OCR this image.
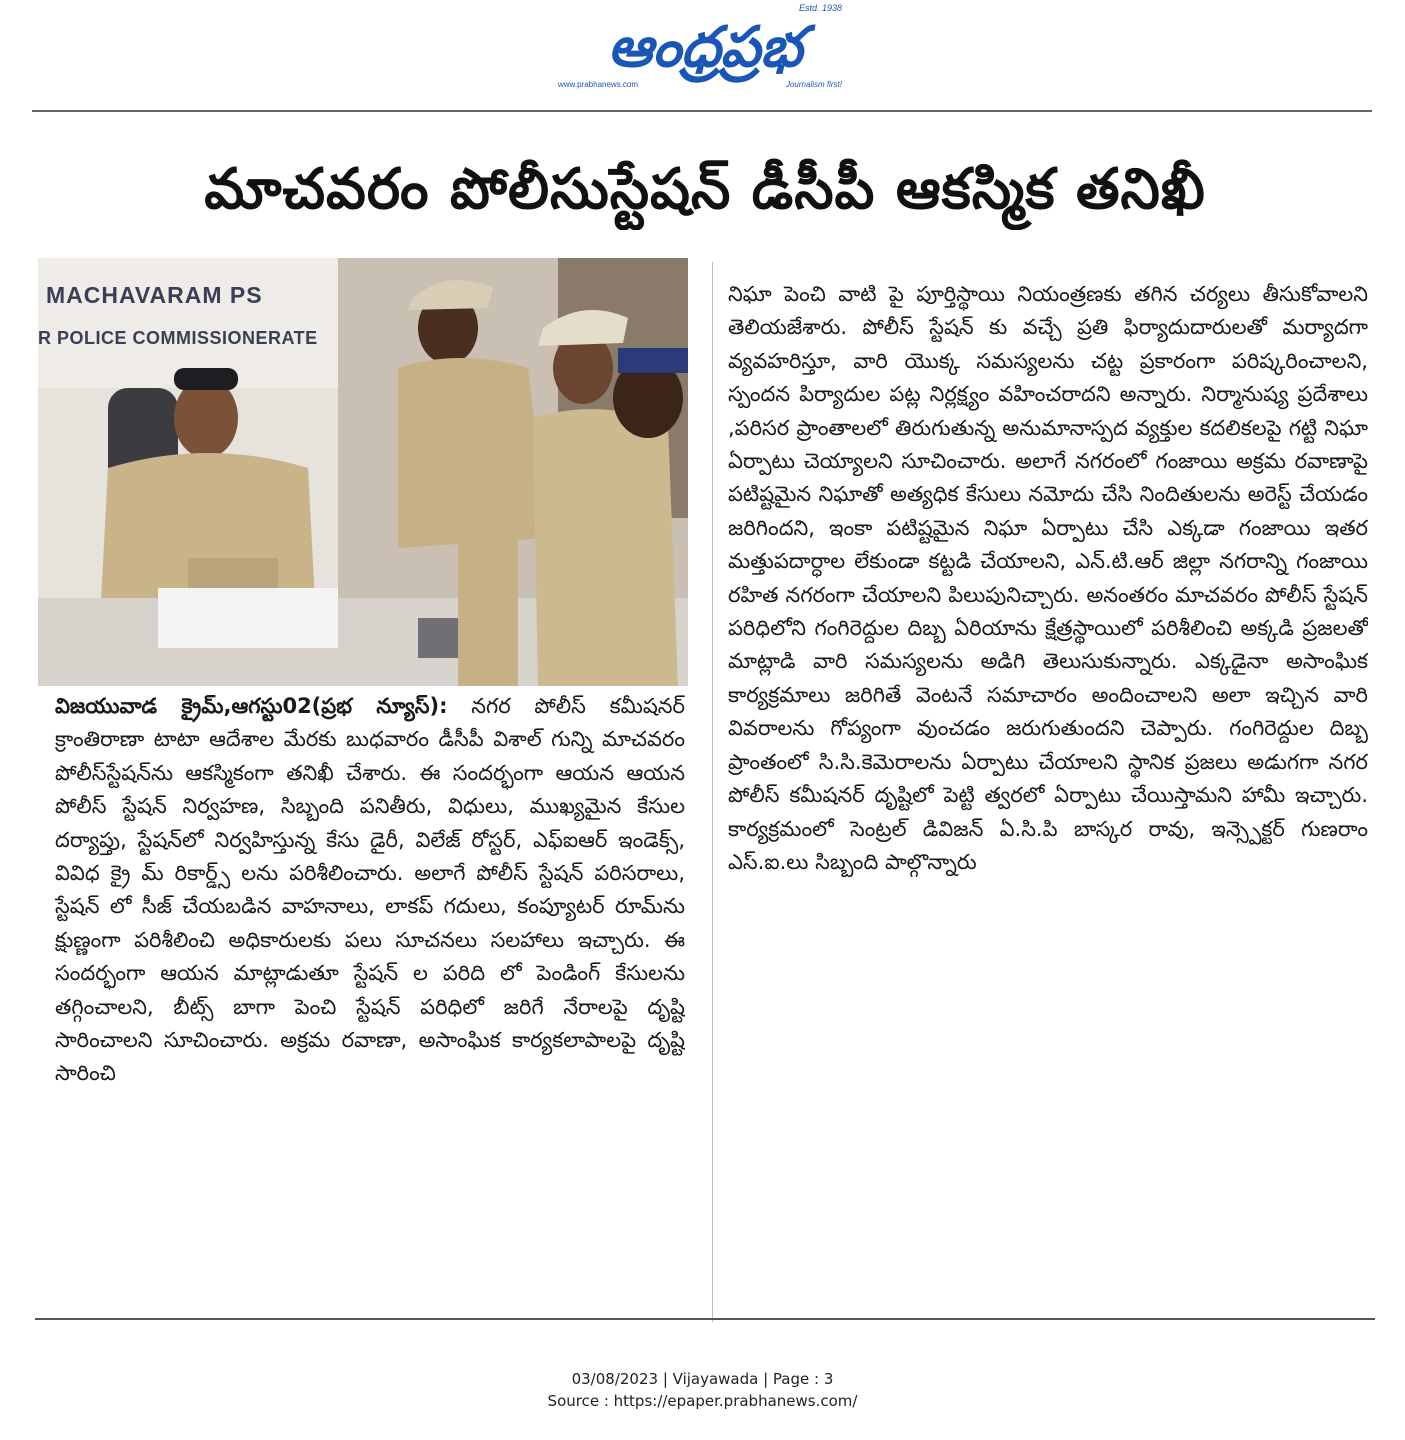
Estd. 1938
ఆంధ్రప్రభ
www.prabhanews.com	Journalism first!
మాచవరం పోలీసుస్టేషన్ డీసీపీ ఆకస్మిక తనిఖీ
MACHAVARAM PS
R POLICE COMMISSIONERATE

విజయువాడ క్రైమ్,ఆగస్టు02(ప్రభ న్యూస్): నగర పోలీస్ కమీషనర్ క్రాంతిరాణా టాటా ఆదేశాల మేరకు బుధవారం డీసీపీ విశాల్ గున్ని మాచవరం పోలీస్‌స్టేషన్‌ను ఆకస్మికంగా తనిఖీ చేశారు. ఈ సందర్భంగా ఆయన ఆయన పోలీస్ స్టేషన్ నిర్వహణ, సిబ్బంది పనితీరు, విధులు, ముఖ్యమైన కేసుల దర్యాప్తు, స్టేషన్‌లో నిర్వహిస్తున్న కేసు డైరీ, విలేజ్ రోస్టర్, ఎఫ్ఐఆర్ ఇండెక్స్, వివిధ క్రై మ్ రికార్డ్స్ లను పరిశీలించారు. అలాగే పోలీస్ స్టేషన్ పరిసరాలు, స్టేషన్ లో సీజ్ చేయబడిన వాహనాలు, లాకప్ గదులు, కంప్యూటర్ రూమ్‌ను క్షుణ్ణంగా పరిశీలించి అధికారులకు పలు సూచనలు సలహాలు ఇచ్చారు. ఈ సందర్భంగా ఆయన మాట్లాడుతూ స్టేషన్ ల పరిది లో పెండింగ్ కేసులను తగ్గించాలని, బీట్స్ బాగా పెంచి స్టేషన్ పరిధిలో జరిగే నేరాలపై దృష్టి సారించాలని సూచించారు. అక్రమ రవాణా, అసాంఘిక కార్యకలాపాలపై దృష్టి సారించి

నిఘా పెంచి వాటి పై పూర్తిస్థాయి నియంత్రణకు తగిన చర్యలు తీసుకోవాలని తెలియజేశారు. పోలీస్ స్టేషన్ కు వచ్చే ప్రతి ఫిర్యాదుదారులతో మర్యాదగా వ్యవహరిస్తూ, వారి యొక్క సమస్యలను చట్ట ప్రకారంగా పరిష్కరించాలని, స్పందన పిర్యాదుల పట్ల నిర్లక్ష్యం వహించరాదని అన్నారు. నిర్మానుష్య ప్రదేశాలు ,పరిసర ప్రాంతాలలో తిరుగుతున్న అనుమానాస్పద వ్యక్తుల కదలికలపై గట్టి నిఘా ఏర్పాటు చెయ్యాలని సూచించారు. అలాగే నగరంలో గంజాయి అక్రమ రవాణాపై పటిష్టమైన నిఘాతో అత్యధిక కేసులు నమోదు చేసి నిందితులను అరెస్ట్ చేయడం జరిగిందని, ఇంకా పటిష్టమైన నిఘా ఏర్పాటు చేసి ఎక్కడా గంజాయి ఇతర మత్తుపదార్ధాల లేకుండా కట్టడి చేయాలని, ఎన్.టి.ఆర్ జిల్లా నగరాన్ని గంజాయి రహిత నగరంగా చేయాలని పిలుపునిచ్చారు. అనంతరం మాచవరం పోలీస్ స్టేషన్ పరిధిలోని గంగిరెద్దుల దిబ్బ ఏరియాను క్షేత్రస్థాయిలో పరిశీలించి అక్కడి ప్రజలతో మాట్లాడి వారి సమస్యలను అడిగి తెలుసుకున్నారు. ఎక్కడైనా అసాంఘిక కార్యక్రమాలు జరిగితే వెంటనే సమాచారం అందించాలని అలా ఇచ్చిన వారి వివరాలను గోప్యంగా వుంచడం జరుగుతుందని చెప్పారు. గంగిరెద్దుల దిబ్బ ప్రాంతంలో సి.సి.కెమెరాలను ఏర్పాటు చేయాలని స్థానిక ప్రజలు అడుగగా నగర పోలీస్ కమీషనర్ దృష్టిలో పెట్టి త్వరలో ఏర్పాటు చేయిస్తామని హామీ ఇచ్చారు. కార్యక్రమంలో సెంట్రల్ డివిజన్ ఏ.సి.పి బాస్కర రావు, ఇన్స్పెక్టర్ గుణరాం ఎస్.ఐ.లు సిబ్బంది పాల్గొన్నారు

03/08/2023 | Vijayawada | Page : 3
Source : https://epaper.prabhanews.com/
